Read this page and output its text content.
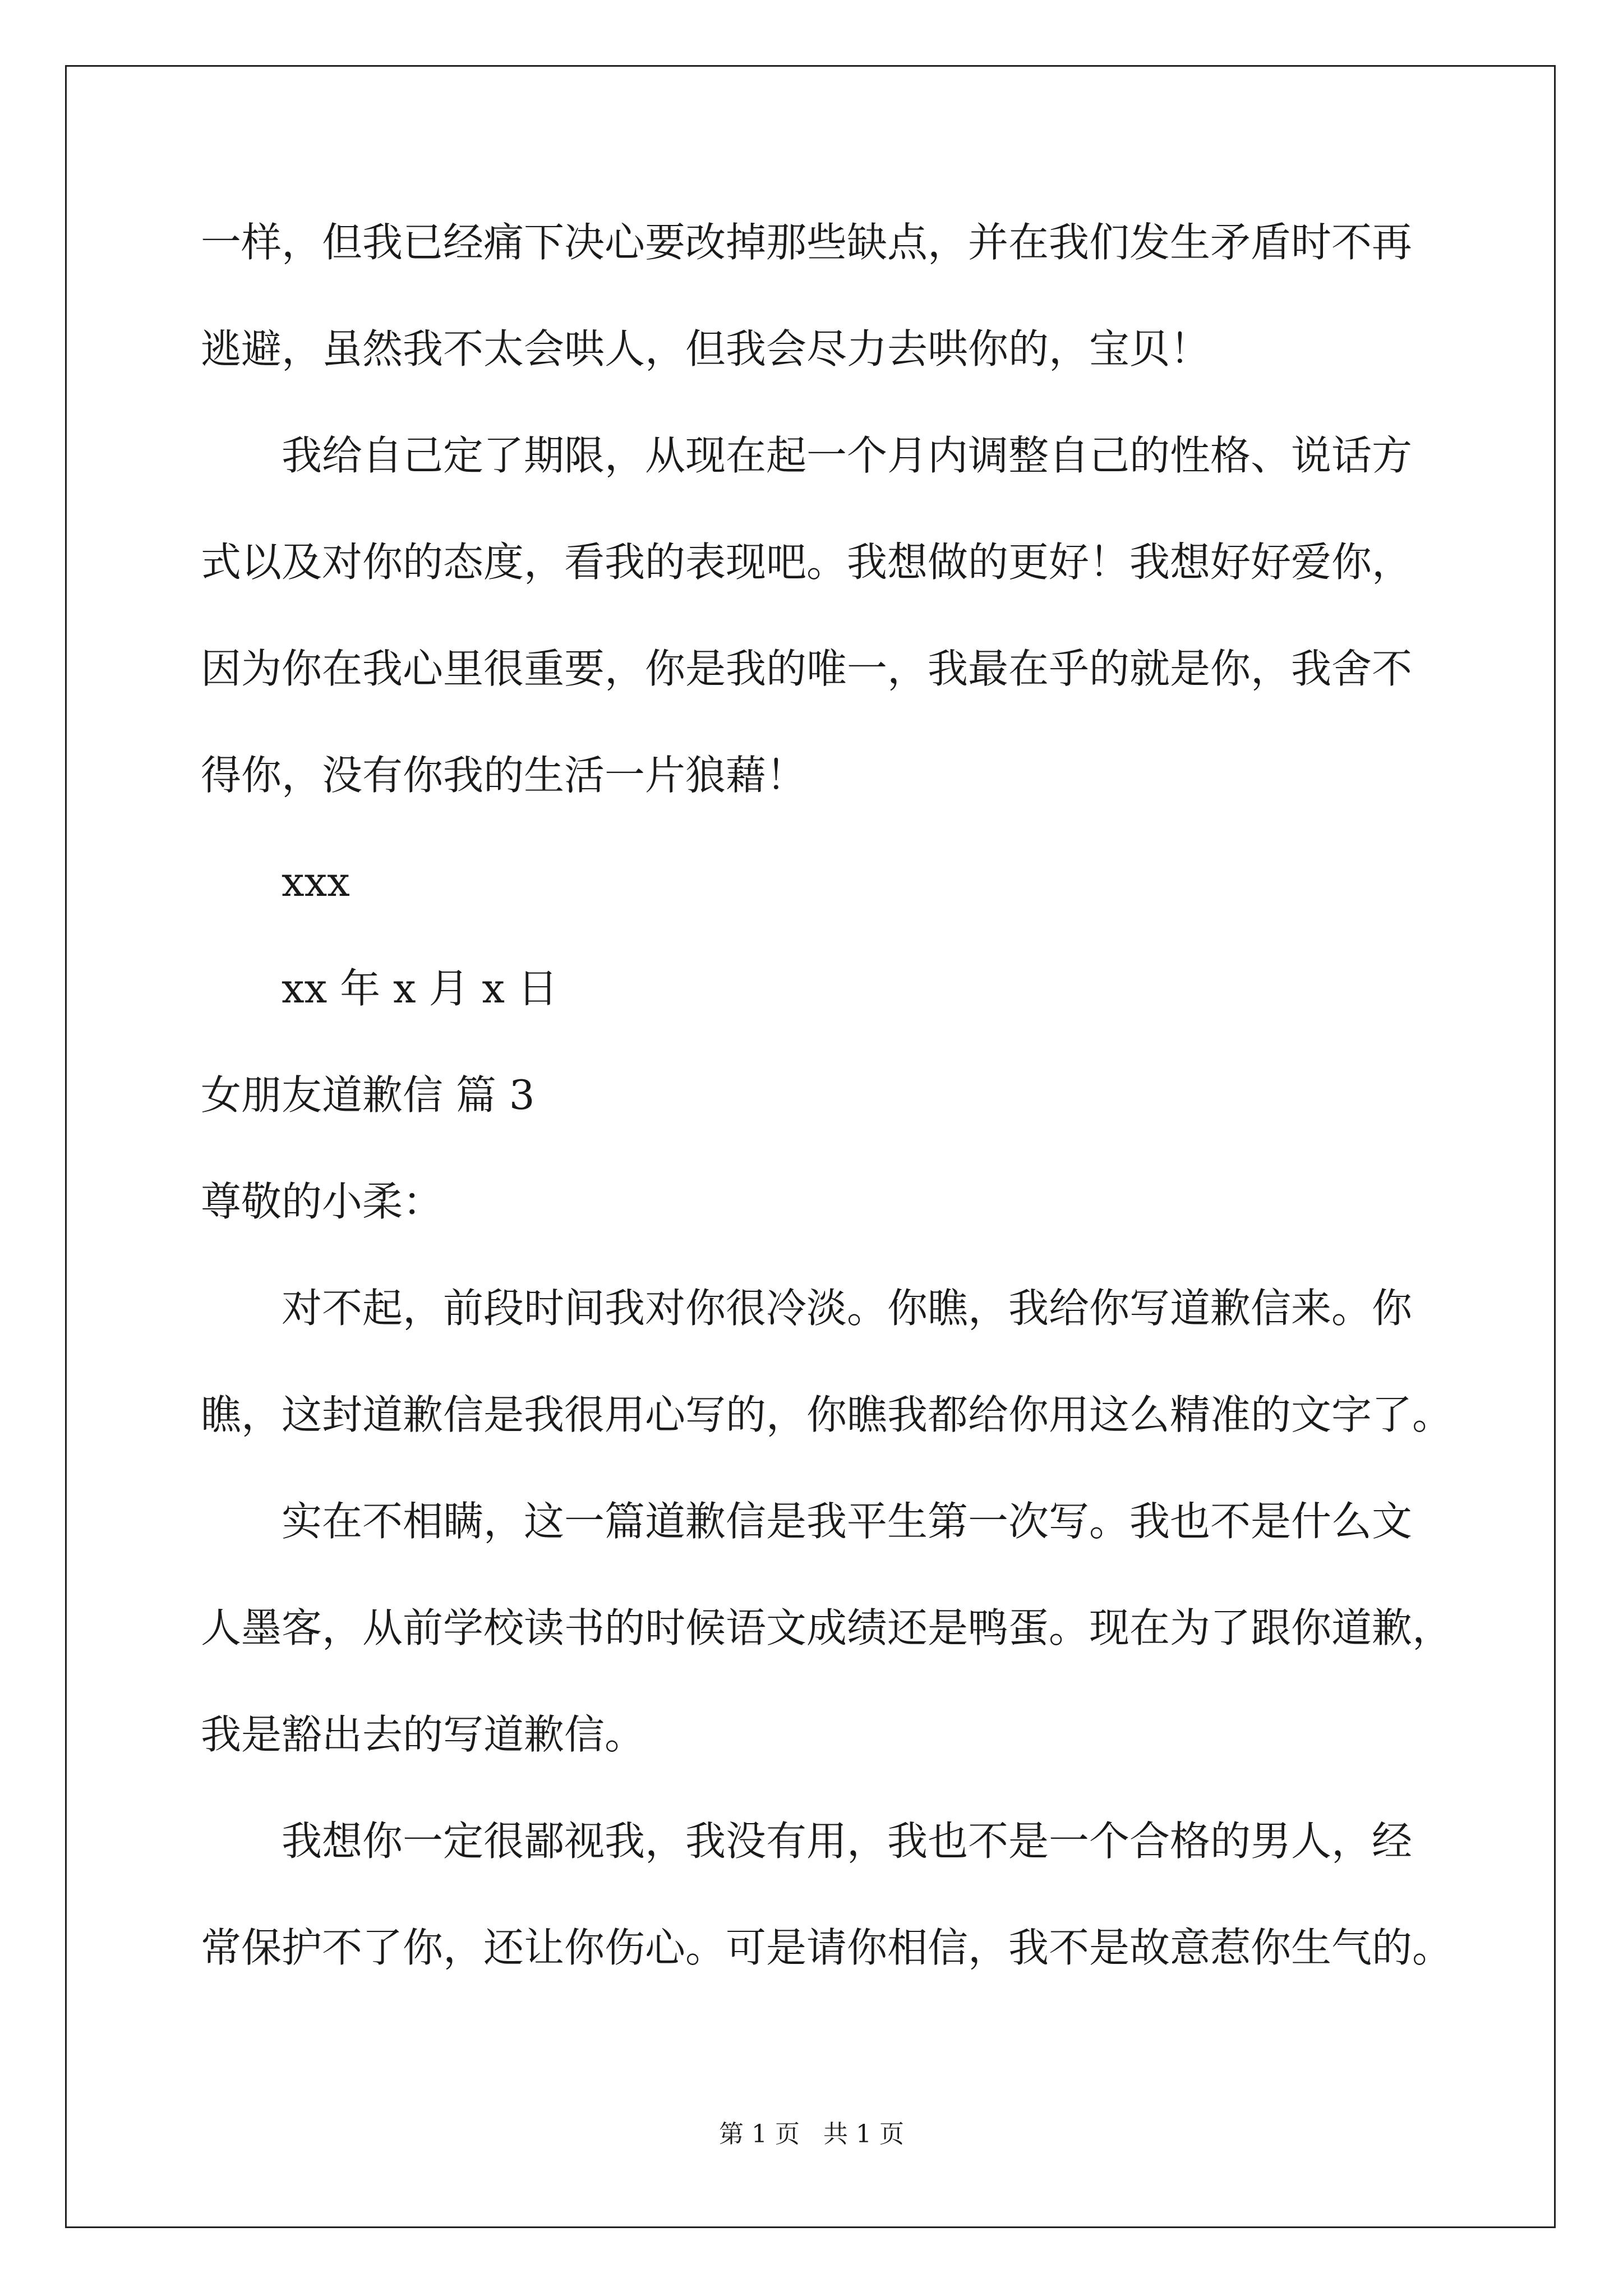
一样，但我已经痛下决心要改掉那些缺点，并在我们发生矛盾时不再

逃避，虽然我不太会哄人，但我会尽力去哄你的，宝贝！

我给自己定了期限，从现在起一个月内调整自己的性格、说话方

式以及对你的态度，看我的表现吧。我想做的更好！我想好好爱你，

因为你在我心里很重要，你是我的唯一，我最在乎的就是你，我舍不

得你，没有你我的生活一片狼藉！

xxx

xx 年 x 月 x 日

女朋友道歉信 篇 3

尊敬的小柔：

对不起，前段时间我对你很冷淡。你瞧，我给你写道歉信来。你

瞧，这封道歉信是我很用心写的，你瞧我都给你用这么精准的文字了。

实在不相瞒，这一篇道歉信是我平生第一次写。我也不是什么文

人墨客，从前学校读书的时候语文成绩还是鸭蛋。现在为了跟你道歉，

我是豁出去的写道歉信。

我想你一定很鄙视我，我没有用，我也不是一个合格的男人，经

常保护不了你，还让你伤心。可是请你相信，我不是故意惹你生气的。

第 1 页   共 1 页
